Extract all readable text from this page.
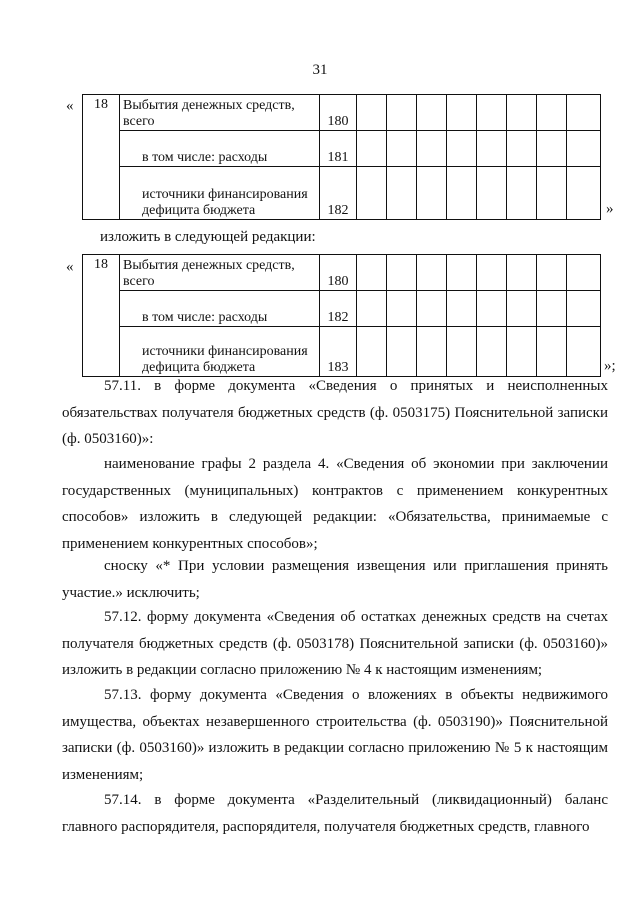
31
« 18	Выбытия денежных средств, всего	180								
	в том числе: расходы	181								
	источники финансирования дефицита бюджета	182									»
изложить в следующей редакции:
« 18	Выбытия денежных средств, всего	180								
	в том числе: расходы	182								
	источники финансирования дефицита бюджета	183									»;
57.11. в форме документа «Сведения о принятых и неисполненных обязательствах получателя бюджетных средств (ф. 0503175) Пояснительной записки (ф. 0503160)»:
наименование графы 2 раздела 4. «Сведения об экономии при заключении государственных (муниципальных) контрактов с применением конкурентных способов» изложить в следующей редакции: «Обязательства, принимаемые с применением конкурентных способов»;
сноску «* При условии размещения извещения или приглашения принять участие.» исключить;
57.12. форму документа «Сведения об остатках денежных средств на счетах получателя бюджетных средств (ф. 0503178) Пояснительной записки (ф. 0503160)» изложить в редакции согласно приложению № 4 к настоящим изменениям;
57.13. форму документа «Сведения о вложениях в объекты недвижимого имущества, объектах незавершенного строительства (ф. 0503190)» Пояснительной записки (ф. 0503160)» изложить в редакции согласно приложению № 5 к настоящим изменениям;
57.14. в форме документа «Разделительный (ликвидационный) баланс главного распорядителя, распорядителя, получателя бюджетных средств, главного
